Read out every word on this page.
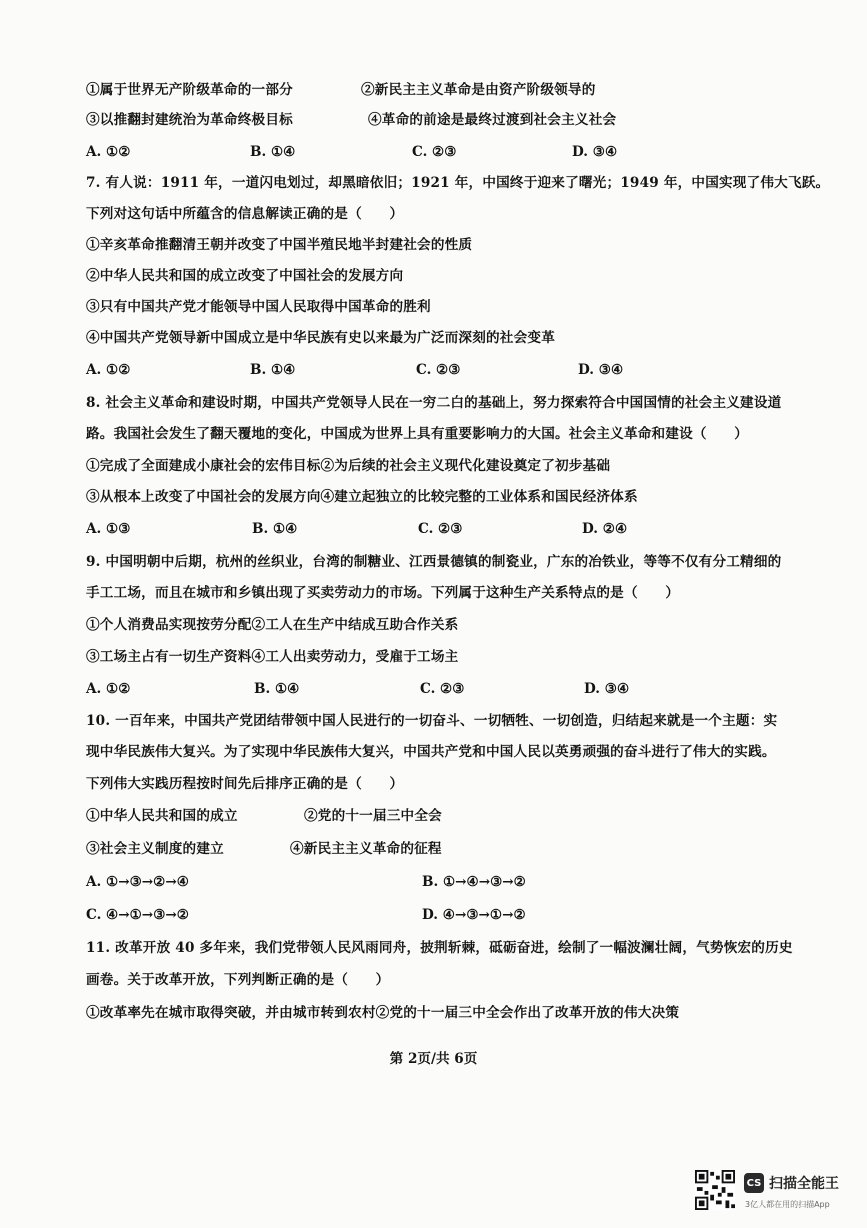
①属于世界无产阶级革命的一部分	②新民主主义革命是由资产阶级领导的
③以推翻封建统治为革命终极目标	④革命的前途是最终过渡到社会主义社会
A. ①②	B. ①④	C. ②③	D. ③④
7. 有人说：1911 年，一道闪电划过，却黑暗依旧；1921 年，中国终于迎来了曙光；1949 年，中国实现了伟大飞跃。
下列对这句话中所蕴含的信息解读正确的是（　　）
①辛亥革命推翻清王朝并改变了中国半殖民地半封建社会的性质
②中华人民共和国的成立改变了中国社会的发展方向
③只有中国共产党才能领导中国人民取得中国革命的胜利
④中国共产党领导新中国成立是中华民族有史以来最为广泛而深刻的社会变革
A. ①②	B. ①④	C. ②③	D. ③④
8. 社会主义革命和建设时期，中国共产党领导人民在一穷二白的基础上，努力探索符合中国国情的社会主义建设道
路。我国社会发生了翻天覆地的变化，中国成为世界上具有重要影响力的大国。社会主义革命和建设（　　）
①完成了全面建成小康社会的宏伟目标②为后续的社会主义现代化建设奠定了初步基础
③从根本上改变了中国社会的发展方向④建立起独立的比较完整的工业体系和国民经济体系
A. ①③	B. ①④	C. ②③	D. ②④
9. 中国明朝中后期，杭州的丝织业，台湾的制糖业、江西景德镇的制瓷业，广东的冶铁业，等等不仅有分工精细的
手工工场，而且在城市和乡镇出现了买卖劳动力的市场。下列属于这种生产关系特点的是（　　）
①个人消费品实现按劳分配②工人在生产中结成互助合作关系
③工场主占有一切生产资料④工人出卖劳动力，受雇于工场主
A. ①②	B. ①④	C. ②③	D. ③④
10. 一百年来，中国共产党团结带领中国人民进行的一切奋斗、一切牺牲、一切创造，归结起来就是一个主题：实
现中华民族伟大复兴。为了实现中华民族伟大复兴，中国共产党和中国人民以英勇顽强的奋斗进行了伟大的实践。
下列伟大实践历程按时间先后排序正确的是（　　）
①中华人民共和国的成立	②党的十一届三中全会
③社会主义制度的建立	④新民主主义革命的征程
A. ①→③→②→④	B. ①→④→③→②
C. ④→①→③→②	D. ④→③→①→②
11. 改革开放 40 多年来，我们党带领人民风雨同舟，披荆斩棘，砥砺奋进，绘制了一幅波澜壮阔，气势恢宏的历史
画卷。关于改革开放，下列判断正确的是（　　）
①改革率先在城市取得突破，并由城市转到农村②党的十一届三中全会作出了改革开放的伟大决策
第 2页/共 6页
CS 扫描全能王
3亿人都在用的扫描App
